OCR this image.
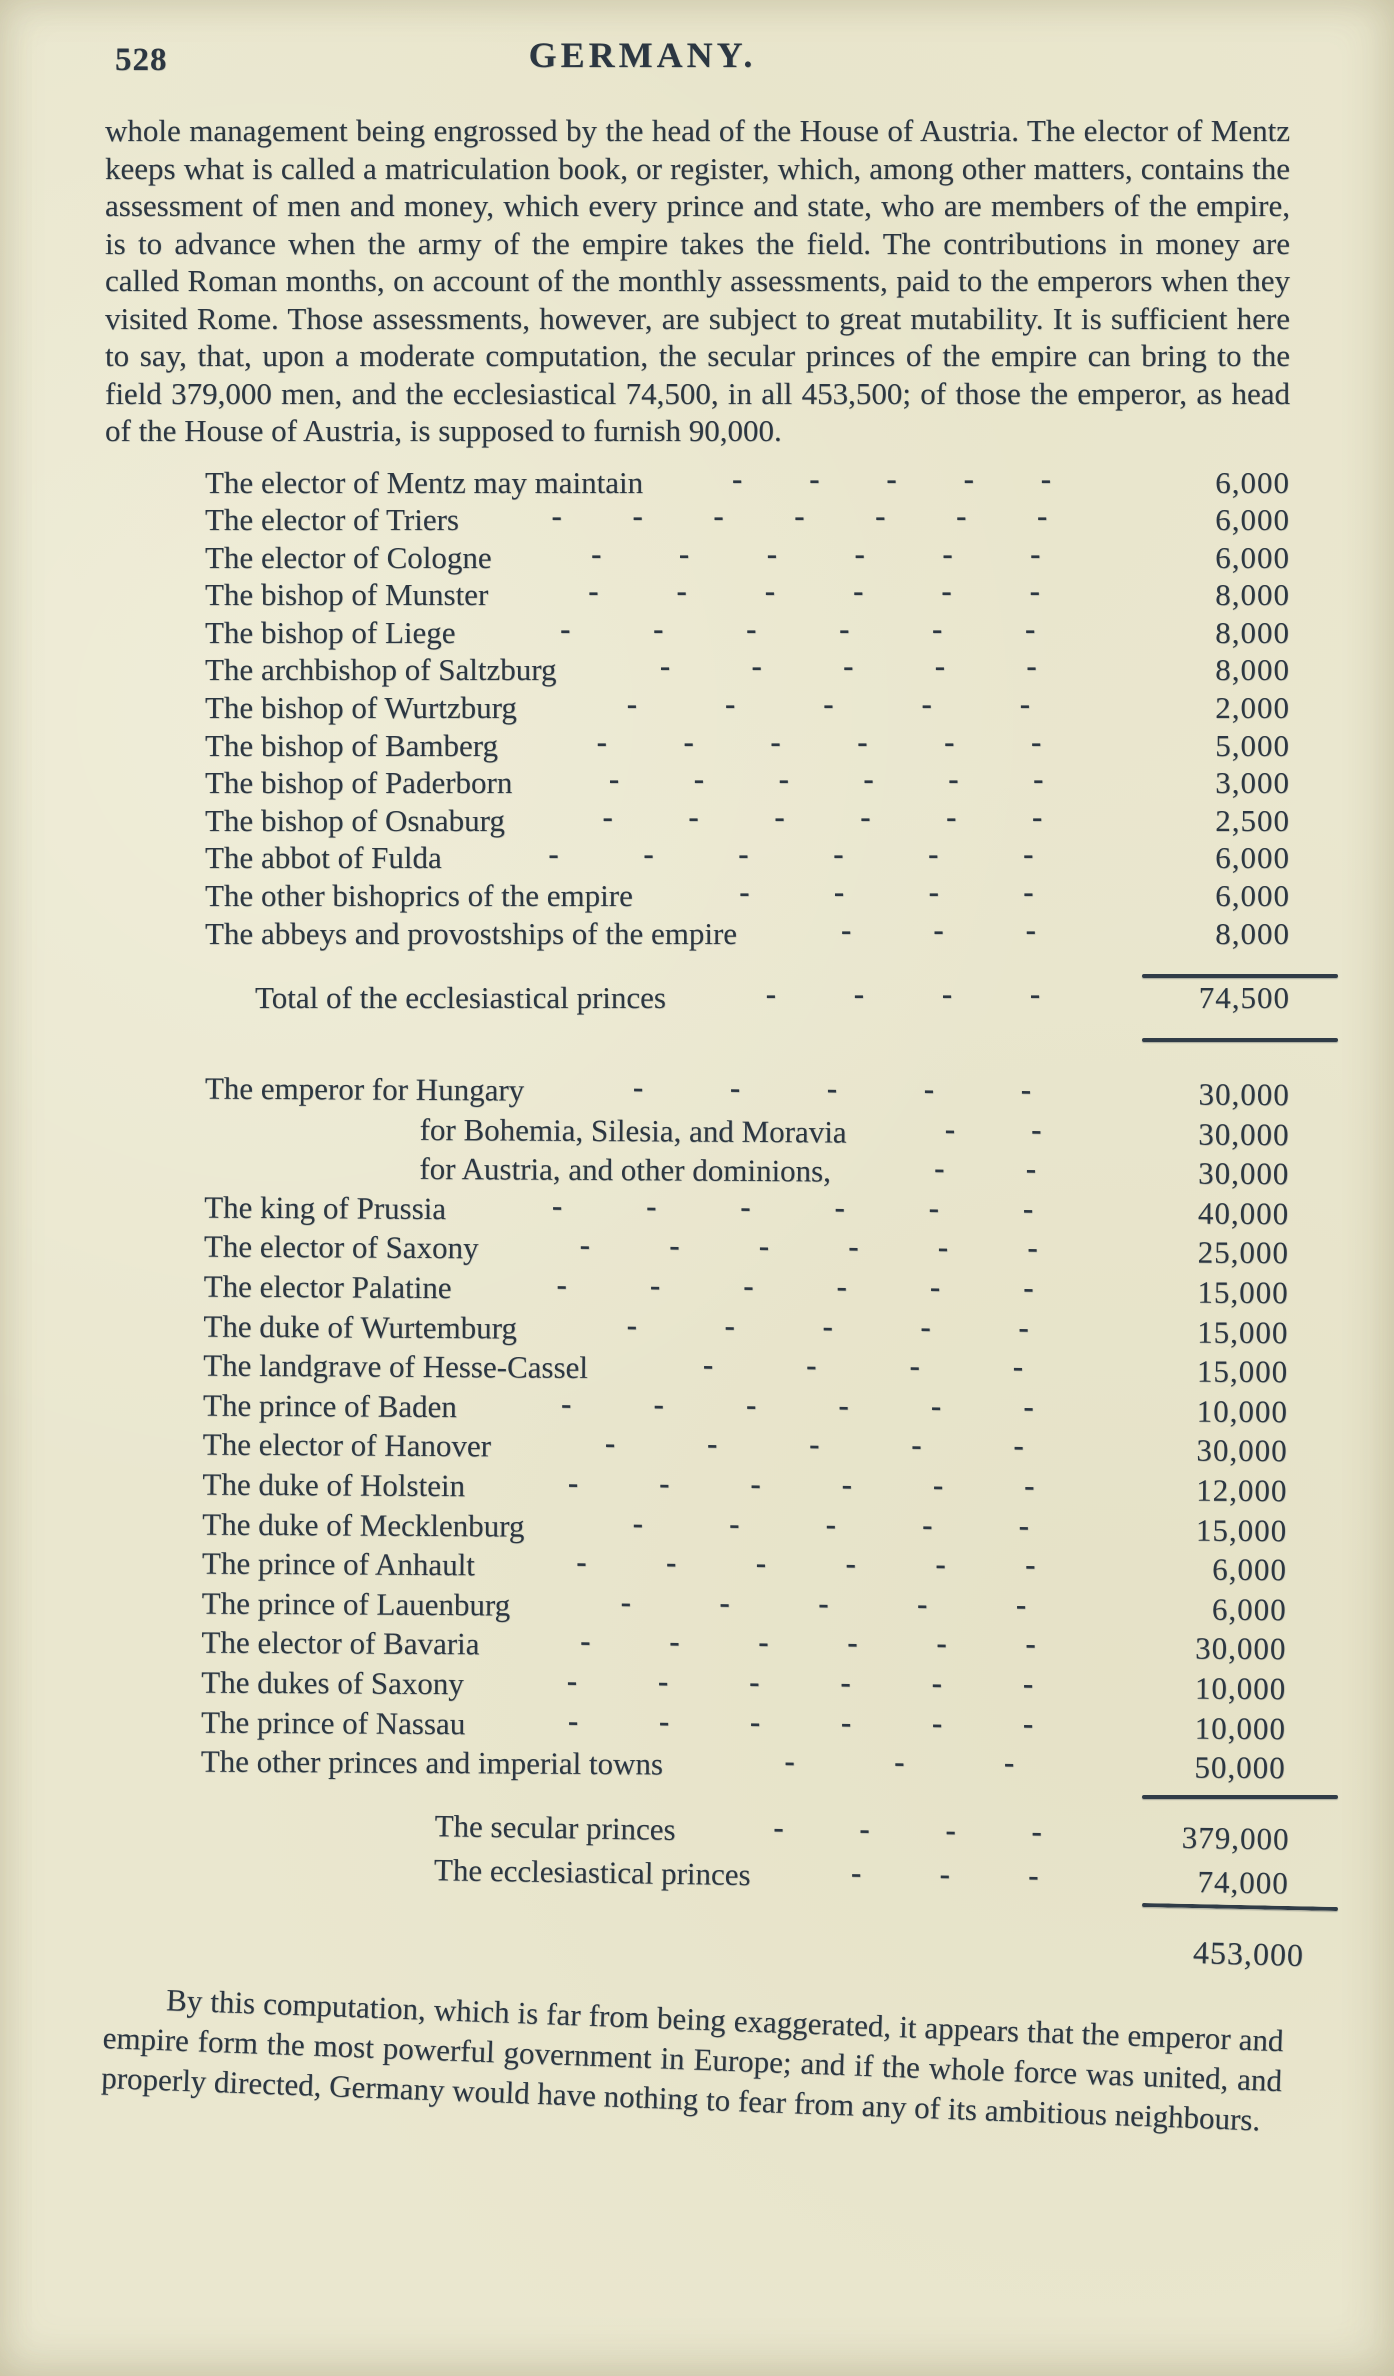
528	GERMANY.
whole management being engrossed by the head of the House of Austria. The elector of Mentz keeps what is called a matriculation book, or register, which, among other matters, contains the assessment of men and money, which every prince and state, who are members of the empire, is to advance when the army of the empire takes the field. The contributions in money are called Roman months, on account of the monthly assessments, paid to the emperors when they visited Rome. Those assessments, however, are subject to great mutability. It is sufficient here to say, that, upon a moderate computation, the secular princes of the empire can bring to the field 379,000 men, and the ecclesiastical 74,500, in all 453,500; of those the emperor, as head of the House of Austria, is supposed to furnish 90,000.
The elector of Mentz may maintain	- - - - -	6,000
The elector of Triers	- - - - - - -	6,000
The elector of Cologne	- - - - - -	6,000
The bishop of Munster	-	-	-	-	-	-	8,000
The bishop of Liege	-	-	-	-	-	-	8,000
The archbishop of Saltzburg	-	-	-	-	-	8,000
The bishop of Wurtzburg	-	-	-	-	-	2,000
The bishop of Bamberg	- - - - - -	5,000
The bishop of Paderborn	- - - - - -	3,000
The bishop of Osnaburg	- - - - - -	2,500
The abbot of Fulda	-	-	-	-	-	-	6,000
The other bishoprics of the empire	-	-	-	-	6,000
The abbeys and provostships of the empire	-	-	-	8,000
Total of the ecclesiastical princes	-	-	-	-	74,500
The emperor for Hungary	-	-	-	-	-	30,000
for Bohemia, Silesia, and Moravia	- -	30,000
for Austria, and other dominions,	-	-	30,000
The king of Prussia	-	-	-	-	-	-	40,000
The elector of Saxony	-	-	-	-	-	-	25,000
The elector Palatine	-	-	-	-	-	-	15,000
The duke of Wurtemburg	-	-	-	-	-	15,000
The landgrave of Hesse-Cassel	-	-	-	-	15,000
The prince of Baden	-	-	-	-	-	-	10,000
The elector of Hanover	-	-	-	-	-	30,000
The duke of Holstein	-	-	-	-	-	-	12,000
The duke of Mecklenburg	-	-	-	-	-	15,000
The prince of Anhault	-	-	-	-	-	-	6,000
The prince of Lauenburg	-	-	-	-	-	6,000
The elector of Bavaria	-	-	-	-	-	-	30,000
The dukes of Saxony	-	-	-	-	-	-	10,000
The prince of Nassau	-	-	-	-	-	-	10,000
The other princes and imperial towns	-	-	-	50,000
The secular princes	- - - -	379,000
The ecclesiastical princes	-	-	-	74,000
453,000
By this computation, which is far from being exaggerated, it appears that the emperor and empire form the most powerful government in Europe; and if the whole force was united, and properly directed, Germany would have nothing to fear from any of its ambitious neighbours.
